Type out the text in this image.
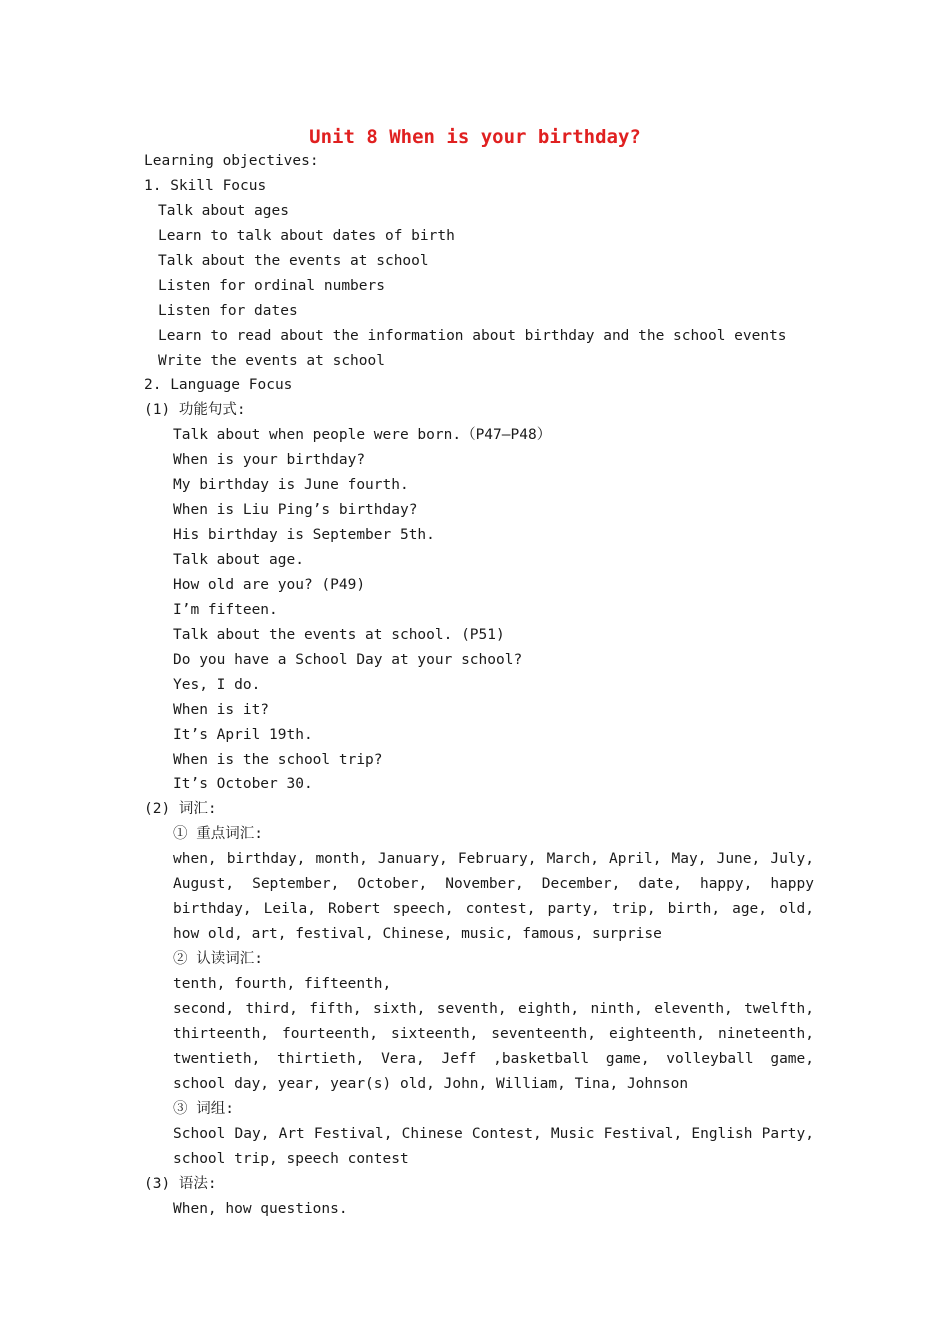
Unit 8 When is your birthday?
Learning objectives:
1. Skill Focus
Talk about ages
Learn to talk about dates of birth
Talk about the events at school
Listen for ordinal numbers
Listen for dates
Learn to read about the information about birthday and the school events
Write the events at school
2. Language Focus
(1) 功能句式:
Talk about when people were born.（P47—P48）
When is your birthday?
My birthday is June fourth.
When is Liu Ping’s birthday?
His birthday is September 5th.
Talk about age.
How old are you? (P49)
I’m fifteen.
Talk about the events at school. (P51)
Do you have a School Day at your school?
Yes, I do.
When is it?
It’s April 19th.
When is the school trip?
It’s October 30.
(2) 词汇:
① 重点词汇:
when, birthday, month, January, February, March, April, May, June, July, August, September, October, November, December, date, happy, happy birthday, Leila, Robert speech, contest, party, trip, birth, age, old, how old, art, festival, Chinese, music, famous, surprise
② 认读词汇:
tenth, fourth, fifteenth,
second, third, fifth, sixth, seventh, eighth, ninth, eleventh, twelfth, thirteenth, fourteenth, sixteenth, seventeenth, eighteenth, nineteenth, twentieth, thirtieth, Vera, Jeff ,basketball game, volleyball game, school day, year, year(s) old, John, William, Tina, Johnson
③ 词组:
School Day, Art Festival, Chinese Contest, Music Festival, English Party, school trip, speech contest
(3) 语法:
When, how questions.
